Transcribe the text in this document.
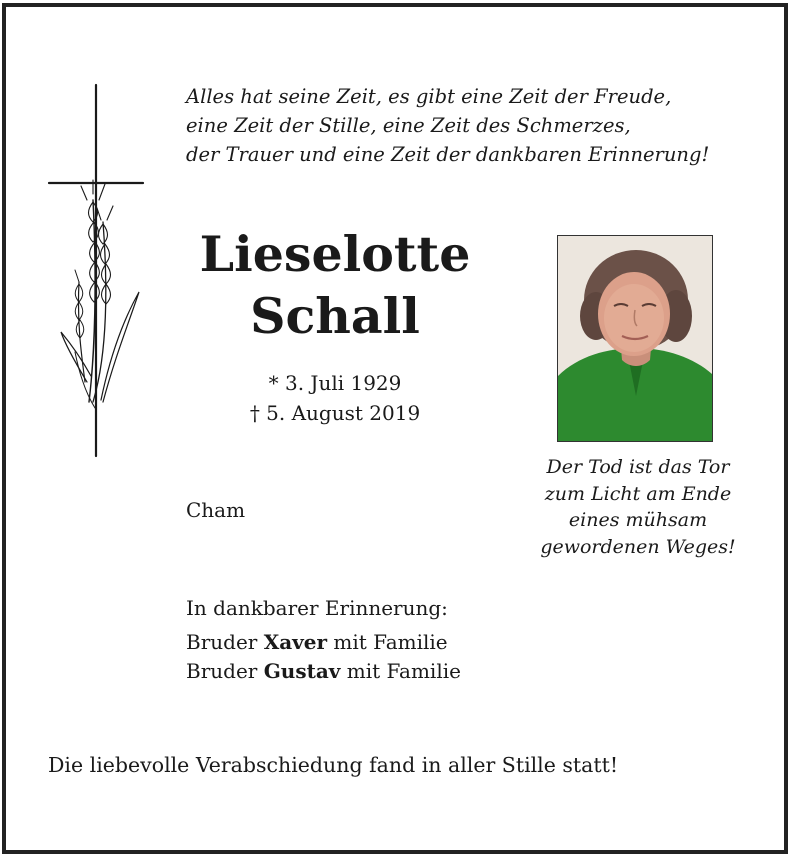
Alles hat seine Zeit, es gibt eine Zeit der Freude,
eine Zeit der Stille, eine Zeit des Schmerzes,
der Trauer und eine Zeit der dankbaren Erinnerung!
Lieselotte
Schall
* 3. Juli 1929
† 5. August 2019
Cham
Der Tod ist das Tor
zum Licht am Ende
eines mühsam
gewordenen Weges!
In dankbarer Erinnerung:
Bruder Xaver mit Familie
Bruder Gustav mit Familie
Die liebevolle Verabschiedung fand in aller Stille statt!
